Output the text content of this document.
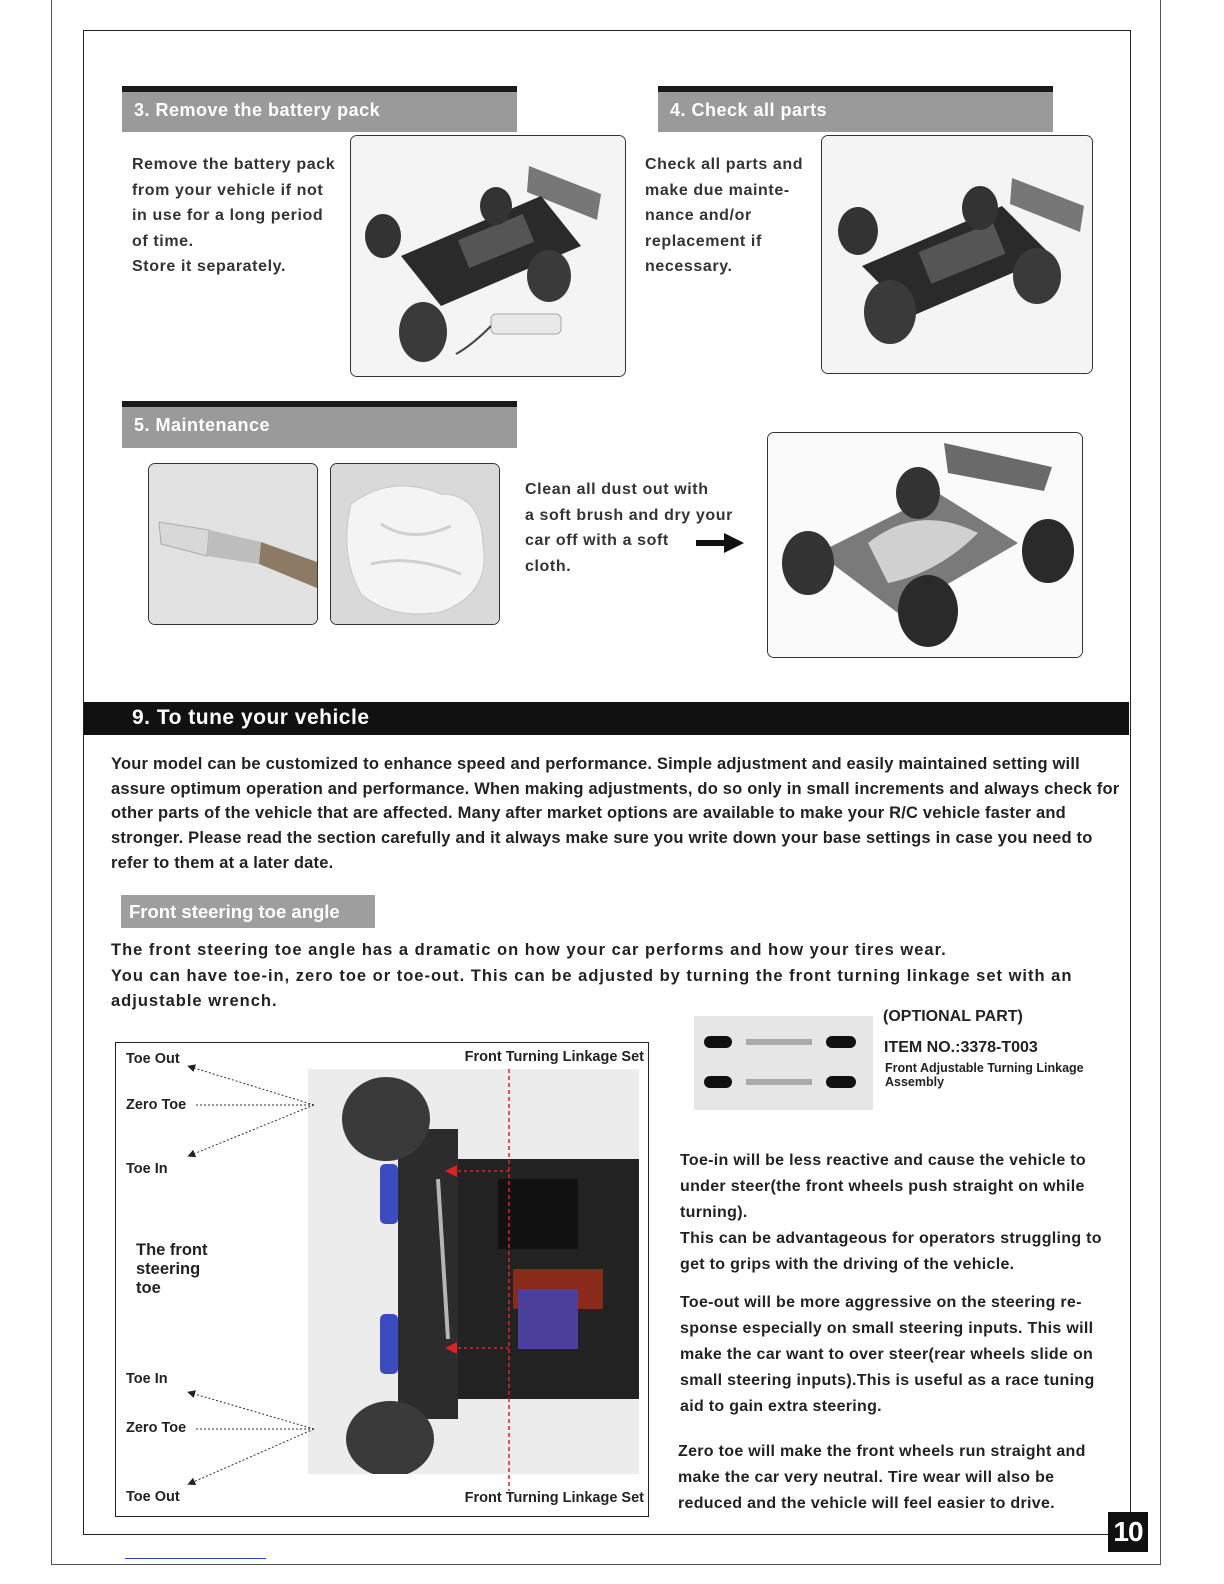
3. Remove the battery pack
Remove the battery pack
from your vehicle if not
in use for a long period
of time.
Store it separately.
4. Check all parts
Check all parts and
make due mainte-
nance and/or
replacement if
necessary.
5. Maintenance
Clean all dust out with
a soft brush and dry your
car off with a soft
cloth.
9. To tune your vehicle
Your model can be customized to enhance speed and performance. Simple adjustment and easily maintained setting will assure optimum operation and performance. When making adjustments, do so only in small increments and always check for other parts of the vehicle that are affected. Many after market options are available to make your R/C vehicle faster and stronger. Please read the section carefully and it always make sure you write down your base settings in case you need to refer to them at a later date.
Front steering toe angle
The front steering toe angle has a dramatic on how your car performs and how your tires wear.
You can have toe-in, zero toe or toe-out. This can be adjusted by turning the front turning linkage set with an adjustable wrench.
Toe Out
Zero Toe
Toe In
Front Turning Linkage Set
The front
steering
toe
Toe In
Zero Toe
Toe Out	Front Turning Linkage Set
(OPTIONAL PART)
ITEM NO.:3378-T003
Front Adjustable Turning Linkage
Assembly
Toe-in will be less reactive and cause the vehicle to under steer(the front wheels push straight on while turning).
This can be advantageous for operators struggling to get to grips with the driving of the vehicle.
Toe-out will be more aggressive on the steering re-sponse especially on small steering inputs. This will make the car want to over steer(rear wheels slide on small steering inputs).This is useful as a race tuning aid to gain extra steering.
Zero toe will make the front wheels run straight and make the car very neutral. Tire wear will also be reduced and the vehicle will feel easier to drive.
10
